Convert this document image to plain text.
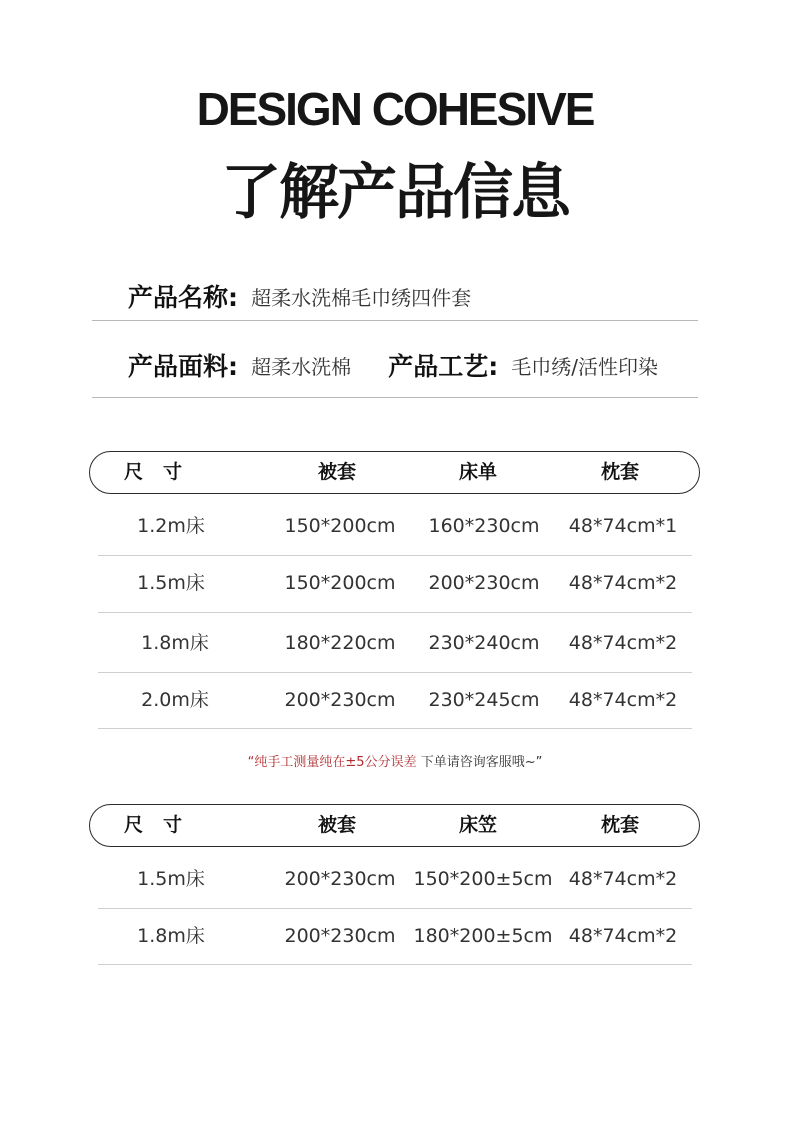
DESIGN COHESIVE
了解产品信息
产品名称: 超柔水洗棉毛巾绣四件套
产品面料: 超柔水洗棉 产品工艺: 毛巾绣/活性印染
尺寸	被套	床单	枕套
1.2m床	150*200cm	160*230cm	48*74cm*1
1.5m床	150*200cm	200*230cm	48*74cm*2
1.8m床	180*220cm	230*240cm	48*74cm*2
2.0m床	200*230cm	230*245cm	48*74cm*2
“纯手工测量纯在±5公分误差 下单请咨询客服哦~”
尺寸	被套	床笠	枕套
1.5m床	200*230cm 150*200±5cm 48*74cm*2
1.8m床	200*230cm 180*200±5cm 48*74cm*2
